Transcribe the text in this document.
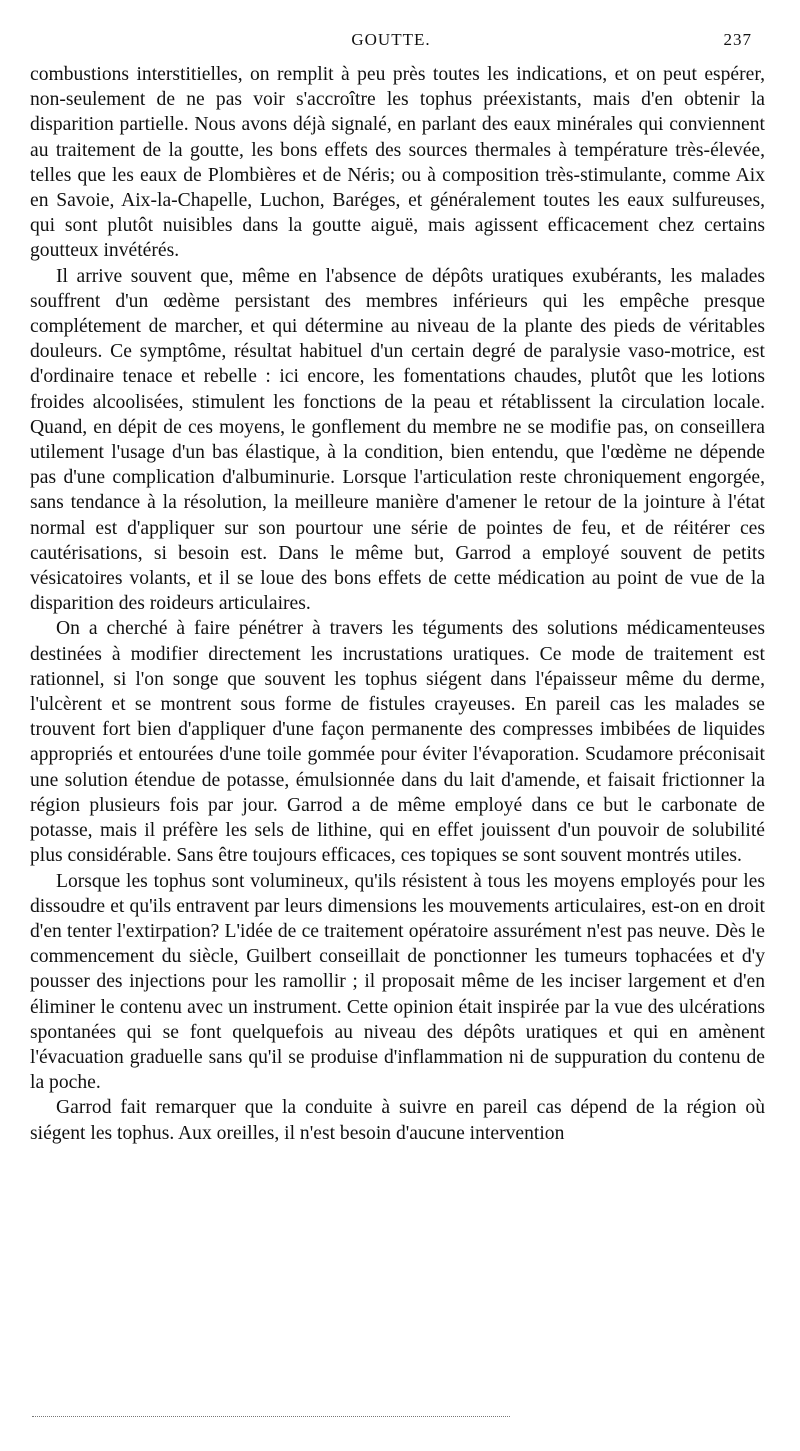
GOUTTE.	237

combustions interstitielles, on remplit à peu près toutes les indications, et on peut espérer, non-seulement de ne pas voir s'accroître les tophus préexistants, mais d'en obtenir la disparition partielle. Nous avons déjà signalé, en parlant des eaux minérales qui conviennent au traitement de la goutte, les bons effets des sources thermales à température très-élevée, telles que les eaux de Plombières et de Néris; ou à composition très-stimulante, comme Aix en Savoie, Aix-la-Chapelle, Luchon, Baréges, et généralement toutes les eaux sulfureuses, qui sont plutôt nuisibles dans la goutte aiguë, mais agissent efficacement chez certains goutteux invétérés.

Il arrive souvent que, même en l'absence de dépôts uratiques exubérants, les malades souffrent d'un œdème persistant des membres inférieurs qui les empêche presque complétement de marcher, et qui détermine au niveau de la plante des pieds de véritables douleurs. Ce symptôme, résultat habituel d'un certain degré de paralysie vaso-motrice, est d'ordinaire tenace et rebelle : ici encore, les fomentations chaudes, plutôt que les lotions froides alcoolisées, stimulent les fonctions de la peau et rétablissent la circulation locale. Quand, en dépit de ces moyens, le gonflement du membre ne se modifie pas, on conseillera utilement l'usage d'un bas élastique, à la condition, bien entendu, que l'œdème ne dépende pas d'une complication d'albuminurie. Lorsque l'articulation reste chroniquement engorgée, sans tendance à la résolution, la meilleure manière d'amener le retour de la jointure à l'état normal est d'appliquer sur son pourtour une série de pointes de feu, et de réitérer ces cautérisations, si besoin est. Dans le même but, Garrod a employé souvent de petits vésicatoires volants, et il se loue des bons effets de cette médication au point de vue de la disparition des roideurs articulaires.

On a cherché à faire pénétrer à travers les téguments des solutions médicamenteuses destinées à modifier directement les incrustations uratiques. Ce mode de traitement est rationnel, si l'on songe que souvent les tophus siégent dans l'épaisseur même du derme, l'ulcèrent et se montrent sous forme de fistules crayeuses. En pareil cas les malades se trouvent fort bien d'appliquer d'une façon permanente des compresses imbibées de liquides appropriés et entourées d'une toile gommée pour éviter l'évaporation. Scudamore préconisait une solution étendue de potasse, émulsionnée dans du lait d'amende, et faisait frictionner la région plusieurs fois par jour. Garrod a de même employé dans ce but le carbonate de potasse, mais il préfère les sels de lithine, qui en effet jouissent d'un pouvoir de solubilité plus considérable. Sans être toujours efficaces, ces topiques se sont souvent montrés utiles.

Lorsque les tophus sont volumineux, qu'ils résistent à tous les moyens employés pour les dissoudre et qu'ils entravent par leurs dimensions les mouvements articulaires, est-on en droit d'en tenter l'extirpation? L'idée de ce traitement opératoire assurément n'est pas neuve. Dès le commencement du siècle, Guilbert conseillait de ponctionner les tumeurs tophacées et d'y pousser des injections pour les ramollir ; il proposait même de les inciser largement et d'en éliminer le contenu avec un instrument. Cette opinion était inspirée par la vue des ulcérations spontanées qui se font quelquefois au niveau des dépôts uratiques et qui en amènent l'évacuation graduelle sans qu'il se produise d'inflammation ni de suppuration du contenu de la poche.

Garrod fait remarquer que la conduite à suivre en pareil cas dépend de la région où siégent les tophus. Aux oreilles, il n'est besoin d'aucune intervention
